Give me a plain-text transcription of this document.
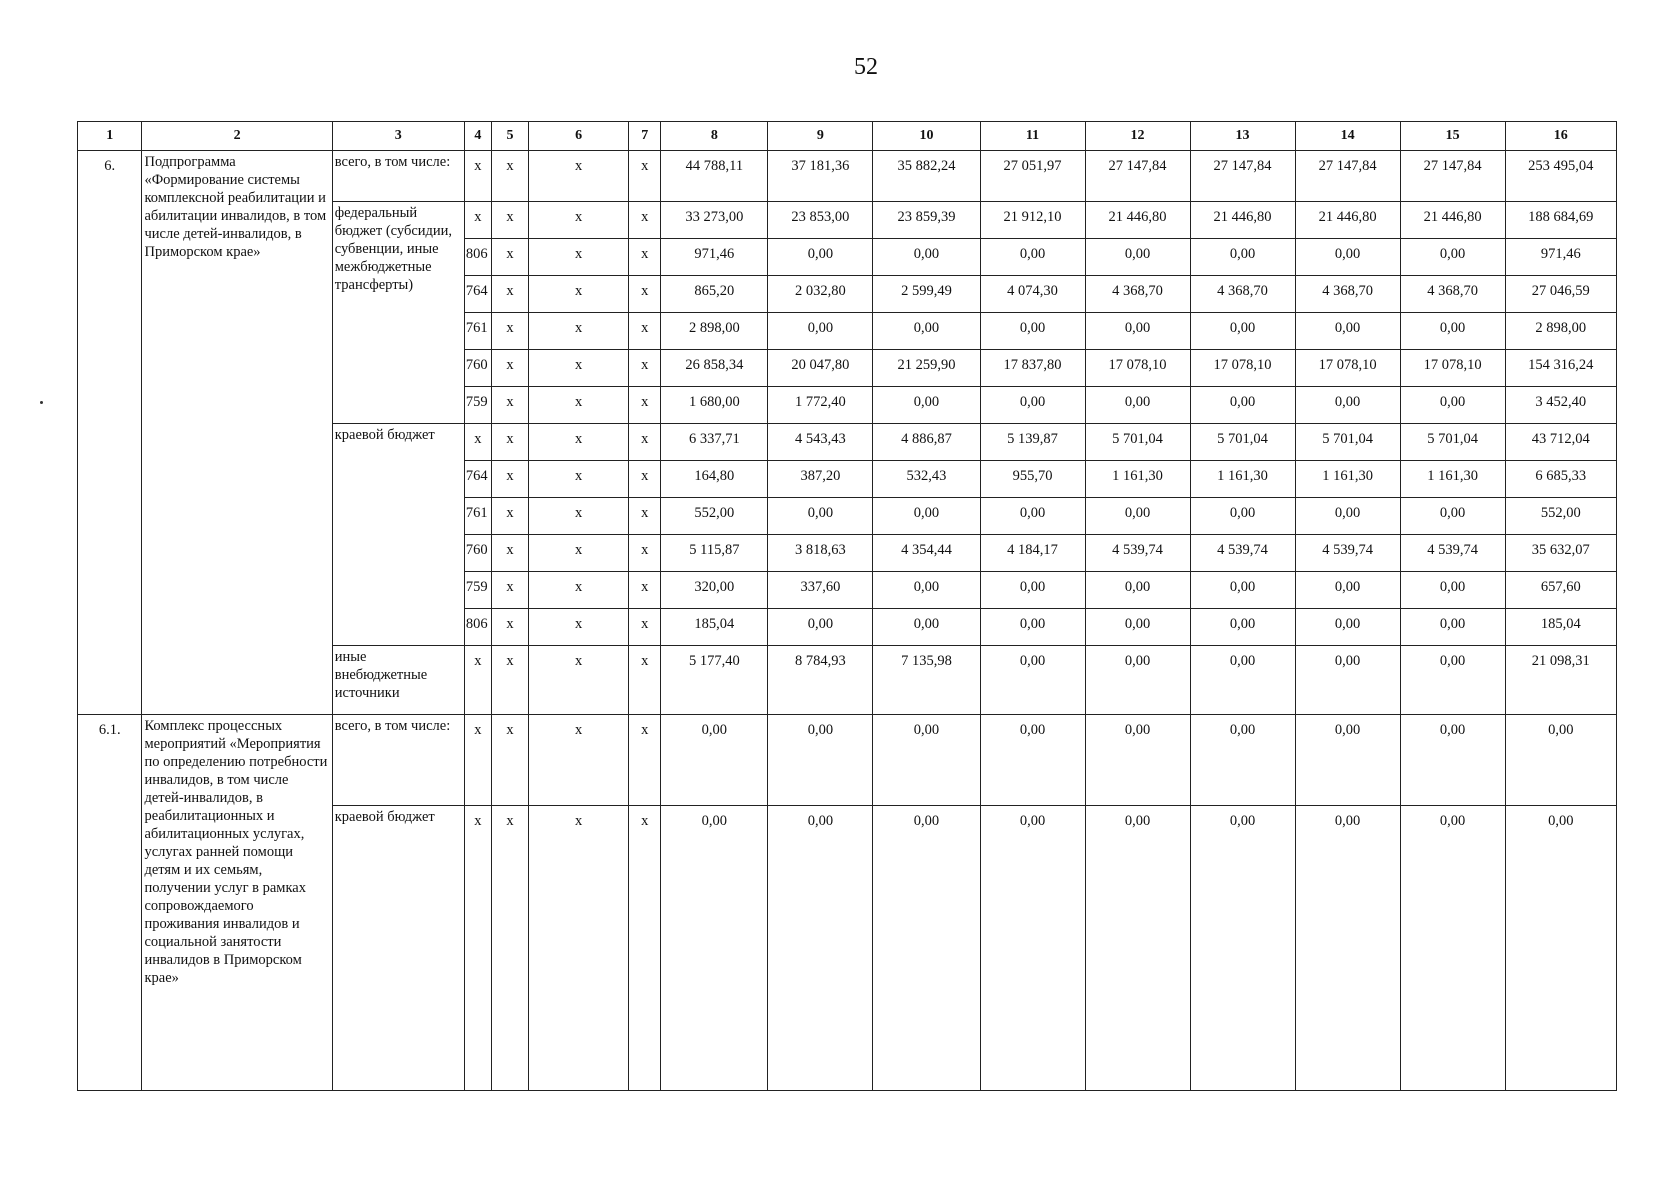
52
1	2	3	4	5	6	7	8	9	10	11	12	13	14	15	16
6.	Подпрограмма «Формирование системы комплексной реабилитации и абилитации инвалидов, в том числе детей-инвалидов, в Приморском крае»	всего, в том числе:	x	x	x	x	44 788,11	37 181,36	35 882,24	27 051,97	27 147,84	27 147,84	27 147,84	27 147,84	253 495,04
		федеральный бюджет (субсидии, субвенции, иные межбюджетные трансферты)	x	x	x	x	33 273,00	23 853,00	23 859,39	21 912,10	21 446,80	21 446,80	21 446,80	21 446,80	188 684,69
			806	x	x	x	971,46	0,00	0,00	0,00	0,00	0,00	0,00	0,00	971,46
			764	x	x	x	865,20	2 032,80	2 599,49	4 074,30	4 368,70	4 368,70	4 368,70	4 368,70	27 046,59
			761	x	x	x	2 898,00	0,00	0,00	0,00	0,00	0,00	0,00	0,00	2 898,00
			760	x	x	x	26 858,34	20 047,80	21 259,90	17 837,80	17 078,10	17 078,10	17 078,10	17 078,10	154 316,24
			759	x	x	x	1 680,00	1 772,40	0,00	0,00	0,00	0,00	0,00	0,00	3 452,40
		краевой бюджет	x	x	x	x	6 337,71	4 543,43	4 886,87	5 139,87	5 701,04	5 701,04	5 701,04	5 701,04	43 712,04
			764	x	x	x	164,80	387,20	532,43	955,70	1 161,30	1 161,30	1 161,30	1 161,30	6 685,33
			761	x	x	x	552,00	0,00	0,00	0,00	0,00	0,00	0,00	0,00	552,00
			760	x	x	x	5 115,87	3 818,63	4 354,44	4 184,17	4 539,74	4 539,74	4 539,74	4 539,74	35 632,07
			759	x	x	x	320,00	337,60	0,00	0,00	0,00	0,00	0,00	0,00	657,60
			806	x	x	x	185,04	0,00	0,00	0,00	0,00	0,00	0,00	0,00	185,04
		иные внебюджетные источники	x	x	x	x	5 177,40	8 784,93	7 135,98	0,00	0,00	0,00	0,00	0,00	21 098,31
6.1.	Комплекс процессных мероприятий «Мероприятия по определению потребности инвалидов, в том числе детей-инвалидов, в реабилитационных и абилитационных услугах, услугах ранней помощи детям и их семьям, получении услуг в рамках сопровождаемого проживания инвалидов и социальной занятости инвалидов в Приморском крае»	всего, в том числе:	x	x	x	x	0,00	0,00	0,00	0,00	0,00	0,00	0,00	0,00	0,00
		краевой бюджет	x	x	x	x	0,00	0,00	0,00	0,00	0,00	0,00	0,00	0,00	0,00
